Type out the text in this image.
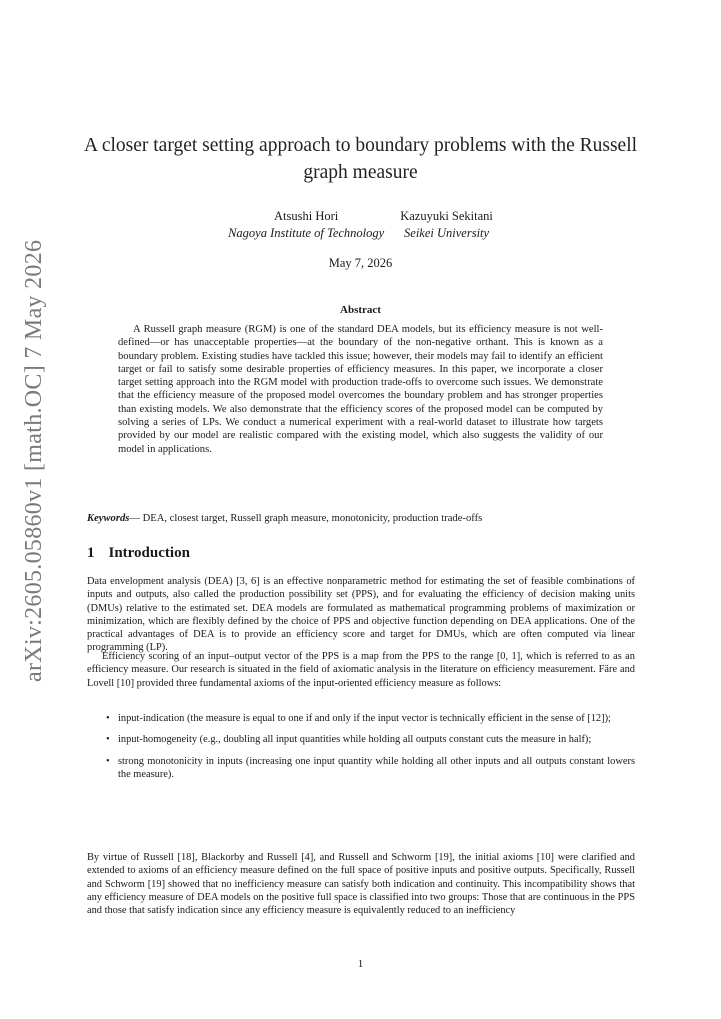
arXiv:2605.05860v1 [math.OC] 7 May 2026
A closer target setting approach to boundary problems with the Russell graph measure
Atsushi Hori
Nagoya Institute of Technology
Kazuyuki Sekitani
Seikei University
May 7, 2026
Abstract

A Russell graph measure (RGM) is one of the standard DEA models, but its efficiency measure is not well-defined—or has unacceptable properties—at the boundary of the non-negative orthant. This is known as a boundary problem. Existing studies have tackled this issue; however, their models may fail to identify an efficient target or fail to satisfy some desirable properties of efficiency measures. In this paper, we incorporate a closer target setting approach into the RGM model with production trade-offs to overcome such issues. We demonstrate that the efficiency measure of the proposed model overcomes the boundary problem and has stronger properties than existing models. We also demonstrate that the efficiency scores of the proposed model can be computed by solving a series of LPs. We conduct a numerical experiment with a real-world dataset to illustrate how targets provided by our model are realistic compared with the existing model, which also suggests the validity of our model in applications.

Keywords— DEA, closest target, Russell graph measure, monotonicity, production trade-offs
1 Introduction

Data envelopment analysis (DEA) [3, 6] is an effective nonparametric method for estimating the set of feasible combinations of inputs and outputs, also called the production possibility set (PPS), and for evaluating the efficiency of decision making units (DMUs) relative to the estimated set. DEA models are formulated as mathematical programming problems of maximization or minimization, which are flexibly defined by the choice of PPS and objective function depending on DEA applications. One of the practical advantages of DEA is to provide an efficiency score and target for DMUs, which are often computed via linear programming (LP).

Efficiency scoring of an input–output vector of the PPS is a map from the PPS to the range [0, 1], which is referred to as an efficiency measure. Our research is situated in the field of axiomatic analysis in the literature on efficiency measurement. Färe and Lovell [10] provided three fundamental axioms of the input-oriented efficiency measure as follows:

• input-indication (the measure is equal to one if and only if the input vector is technically efficient in the sense of [12]);
• input-homogeneity (e.g., doubling all input quantities while holding all outputs constant cuts the measure in half);
• strong monotonicity in inputs (increasing one input quantity while holding all other inputs and all outputs constant lowers the measure).

By virtue of Russell [18], Blackorby and Russell [4], and Russell and Schworm [19], the initial axioms [10] were clarified and extended to axioms of an efficiency measure defined on the full space of positive inputs and positive outputs. Specifically, Russell and Schworm [19] showed that no inefficiency measure can satisfy both indication and continuity. This incompatibility shows that any efficiency measure of DEA models on the positive full space is classified into two groups: Those that are continuous in the PPS and those that satisfy indication since any efficiency measure is equivalently reduced to an inefficiency

1
